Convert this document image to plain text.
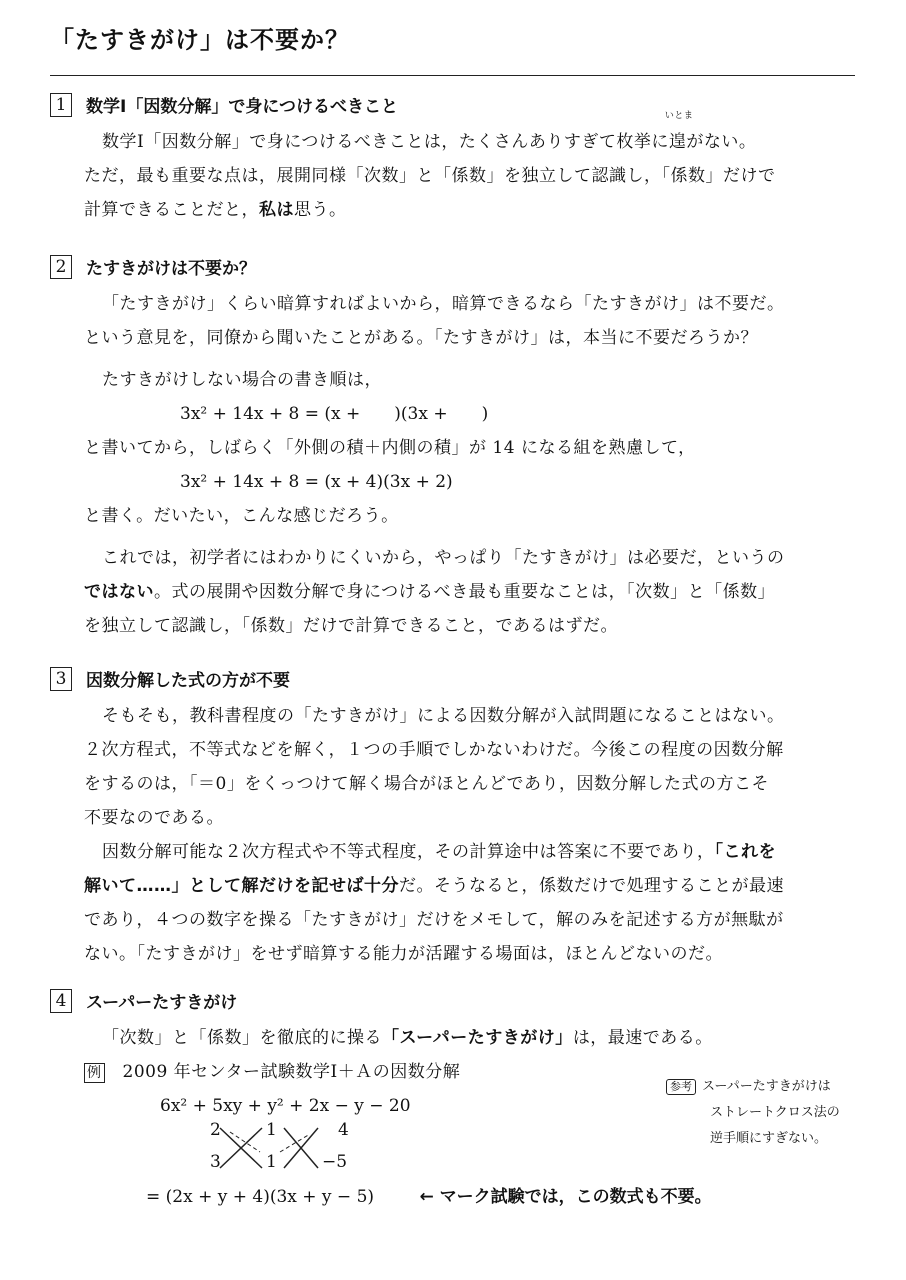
「たすきがけ」は不要か？
1	数学Ⅰ「因数分解」で身につけるべきこと
数学Ⅰ「因数分解」で身につけるべきことは，たくさんありすぎて枚挙に
いとま
遑がない。
ただ，最も重要な点は，展開同様「次数」と「係数」を独立して認識し，「係数」だけで
計算できることだと，私は思う。
2	たすきがけは不要か？
「たすきがけ」くらい暗算すればよいから，暗算できるなら「たすきがけ」は不要だ。
という意見を，同僚から聞いたことがある。「たすきがけ」は，本当に不要だろうか？
たすきがけしない場合の書き順は，
3x² + 14x + 8 = (x +　　)(3x +　　)
と書いてから，しばらく「外側の積＋内側の積」が 14 になる組を熟慮して，
3x² + 14x + 8 = (x + 4)(3x + 2)
と書く。だいたい，こんな感じだろう。
これでは，初学者にはわかりにくいから，やっぱり「たすきがけ」は必要だ，というの
ではない。式の展開や因数分解で身につけるべき最も重要なことは，「次数」と「係数」
を独立して認識し，「係数」だけで計算できること，であるはずだ。
3	因数分解した式の方が不要
そもそも，教科書程度の「たすきがけ」による因数分解が入試問題になることはない。
２次方程式，不等式などを解く，１つの手順でしかないわけだ。今後この程度の因数分解
をするのは，「＝0」をくっつけて解く場合がほとんどであり，因数分解した式の方こそ
不要なのである。
因数分解可能な２次方程式や不等式程度，その計算途中は答案に不要であり，「これを
解いて……」として解だけを記せば十分だ。そうなると，係数だけで処理することが最速
であり，４つの数字を操る「たすきがけ」だけをメモして，解のみを記述する方が無駄が
ない。「たすきがけ」をせず暗算する能力が活躍する場面は，ほとんどないのだ。
4	スーパーたすきがけ
「次数」と「係数」を徹底的に操る「スーパーたすきがけ」は，最速である。
例 2009 年センター試験数学Ⅰ＋Ａの因数分解
6x² + 5xy + y² + 2x − y − 20
2	1	4
3	1	−5
= (2x + y + 4)(3x + y − 5)	← マーク試験では，この数式も不要。
参考 スーパーたすきがけは
ストレートクロス法の
逆手順にすぎない。
